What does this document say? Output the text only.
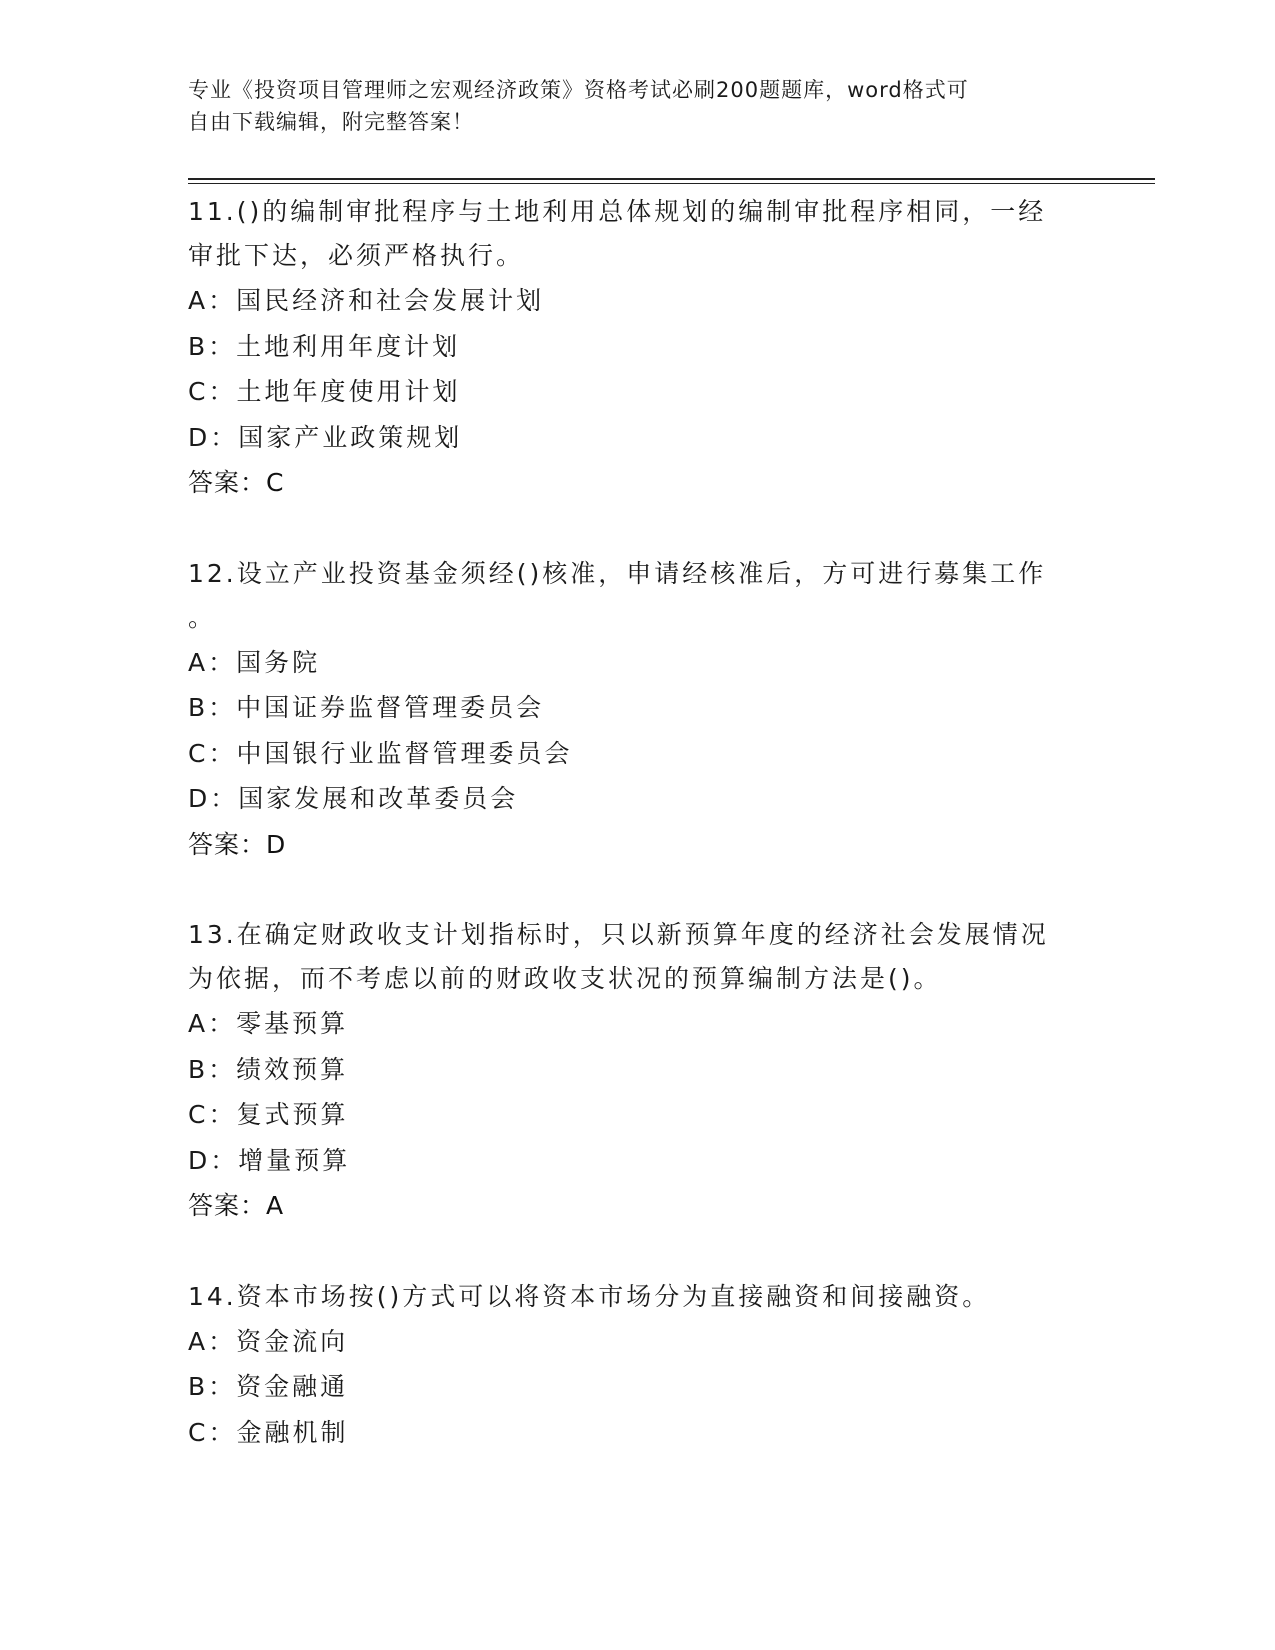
专业《投资项目管理师之宏观经济政策》资格考试必刷200题题库，word格式可
自由下载编辑，附完整答案！

11.()的编制审批程序与土地利用总体规划的编制审批程序相同，一经

审批下达，必须严格执行。

A：国民经济和社会发展计划

B：土地利用年度计划

C：土地年度使用计划

D：国家产业政策规划

答案：C

12.设立产业投资基金须经()核准，申请经核准后，方可进行募集工作

。

A：国务院

B：中国证券监督管理委员会

C：中国银行业监督管理委员会

D：国家发展和改革委员会

答案：D

13.在确定财政收支计划指标时，只以新预算年度的经济社会发展情况

为依据，而不考虑以前的财政收支状况的预算编制方法是()。

A：零基预算

B：绩效预算

C：复式预算

D：增量预算

答案：A

14.资本市场按()方式可以将资本市场分为直接融资和间接融资。

A：资金流向

B：资金融通

C：金融机制
